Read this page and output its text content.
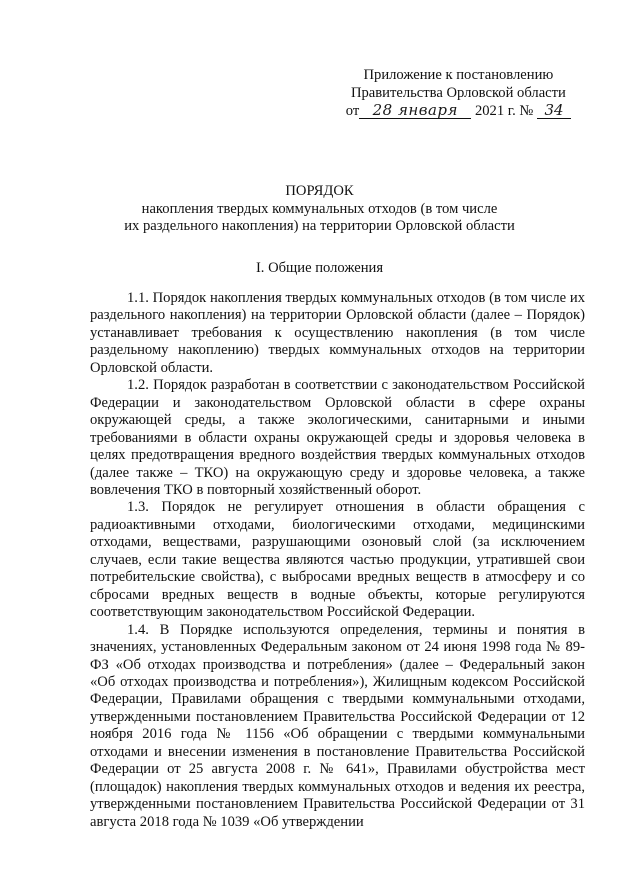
Приложение к постановлению
Правительства Орловской области
от 28 января 2021 г. № 34
ПОРЯДОК
накопления твердых коммунальных отходов (в том числе
их раздельного накопления) на территории Орловской области
I. Общие положения

1.1. Порядок накопления твердых коммунальных отходов (в том числе их раздельного накопления) на территории Орловской области (далее – Порядок) устанавливает требования к осуществлению накопления (в том числе раздельному накоплению) твердых коммунальных отходов на территории Орловской области.

1.2. Порядок разработан в соответствии с законодательством Российской Федерации и законодательством Орловской области в сфере охраны окружающей среды, а также экологическими, санитарными и иными требованиями в области охраны окружающей среды и здоровья человека в целях предотвращения вредного воздействия твердых коммунальных отходов (далее также – ТКО) на окружающую среду и здоровье человека, а также вовлечения ТКО в повторный хозяйственный оборот.

1.3. Порядок не регулирует отношения в области обращения с радиоактивными отходами, биологическими отходами, медицинскими отходами, веществами, разрушающими озоновый слой (за исключением случаев, если такие вещества являются частью продукции, утратившей свои потребительские свойства), с выбросами вредных веществ в атмосферу и со сбросами вредных веществ в водные объекты, которые регулируются соответствующим законодательством Российской Федерации.

1.4. В Порядке используются определения, термины и понятия в значениях, установленных Федеральным законом от 24 июня 1998 года № 89-ФЗ «Об отходах производства и потребления» (далее – Федеральный закон «Об отходах производства и потребления»), Жилищным кодексом Российской Федерации, Правилами обращения с твердыми коммунальными отходами, утвержденными постановлением Правительства Российской Федерации от 12 ноября 2016 года № 1156 «Об обращении с твердыми коммунальными отходами и внесении изменения в постановление Правительства Российской Федерации от 25 августа 2008 г. № 641», Правилами обустройства мест (площадок) накопления твердых коммунальных отходов и ведения их реестра, утвержденными постановлением Правительства Российской Федерации от 31 августа 2018 года № 1039 «Об утверждении
